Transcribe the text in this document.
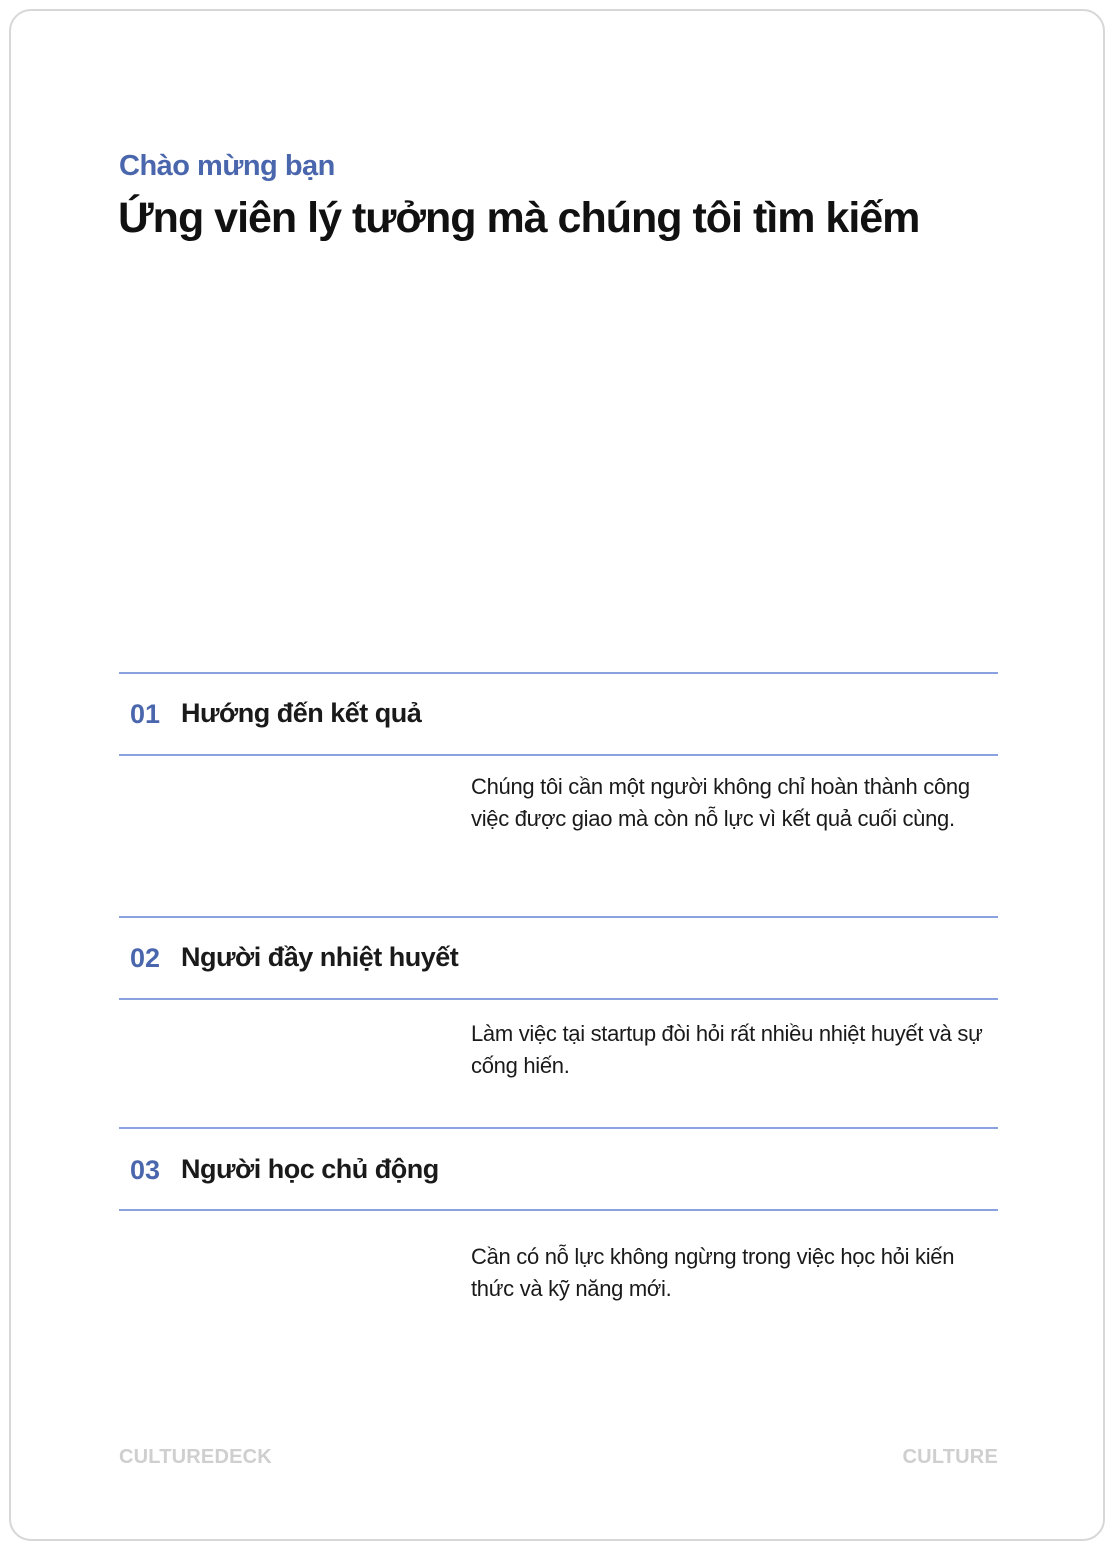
Chào mừng bạn
Ứng viên lý tưởng mà chúng tôi tìm kiếm
01 Hướng đến kết quả
Chúng tôi cần một người không chỉ hoàn thành công việc được giao mà còn nỗ lực vì kết quả cuối cùng.
02 Người đầy nhiệt huyết
Làm việc tại startup đòi hỏi rất nhiều nhiệt huyết và sự cống hiến.
03 Người học chủ động
Cần có nỗ lực không ngừng trong việc học hỏi kiến thức và kỹ năng mới.
CULTUREDECK	CULTURE
